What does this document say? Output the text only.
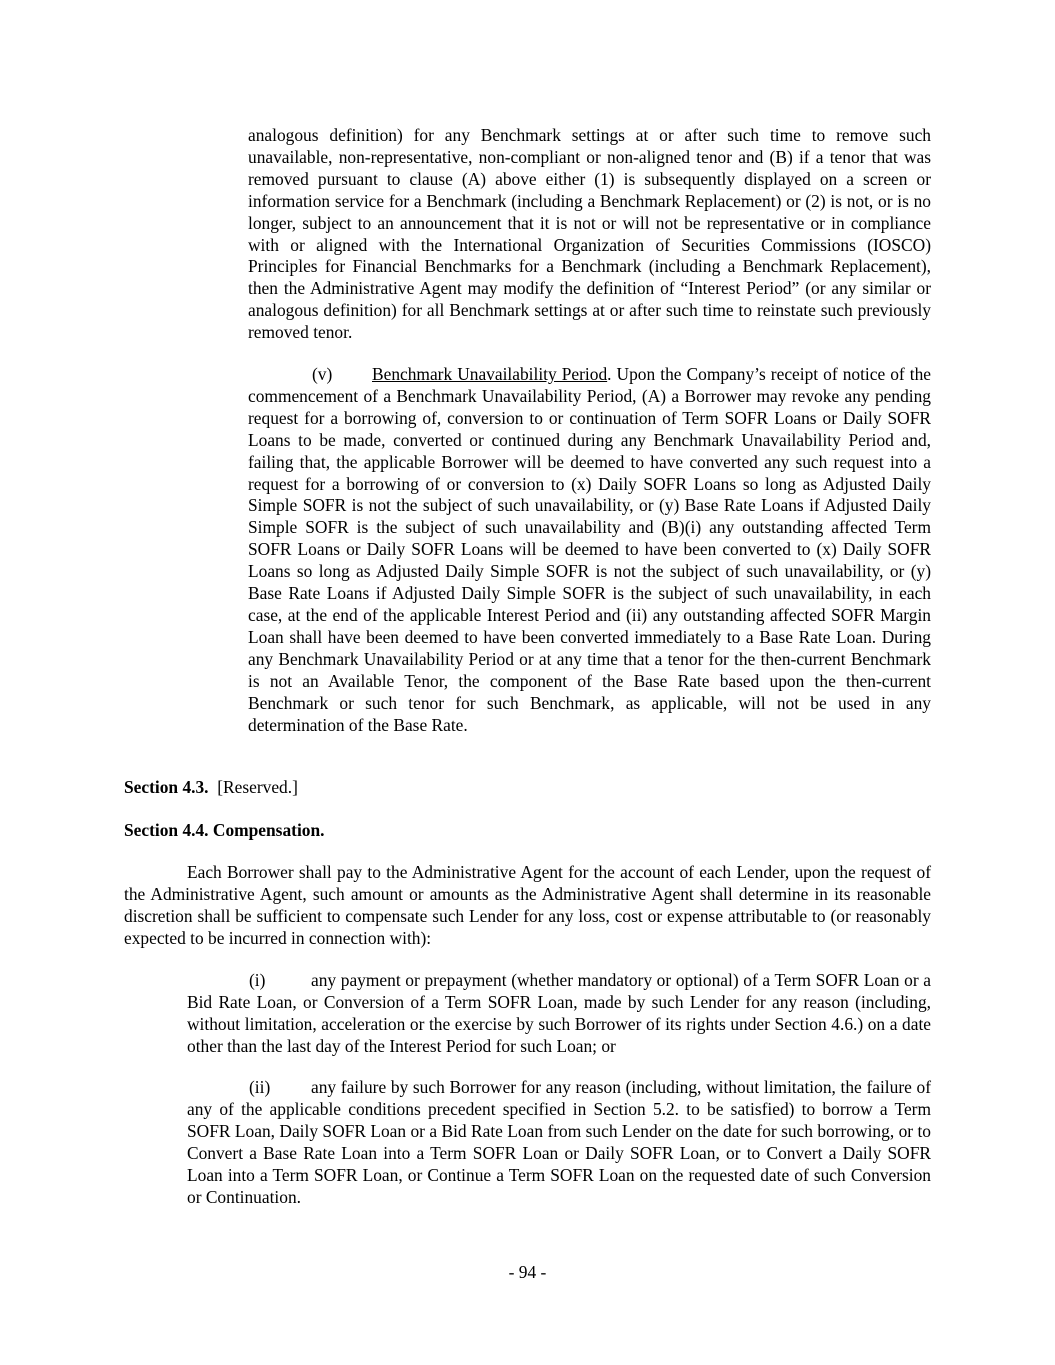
analogous definition) for any Benchmark settings at or after such time to remove such unavailable, non-representative, non-compliant or non-aligned tenor and (B) if a tenor that was removed pursuant to clause (A) above either (1) is subsequently displayed on a screen or information service for a Benchmark (including a Benchmark Replacement) or (2) is not, or is no longer, subject to an announcement that it is not or will not be representative or in compliance with or aligned with the International Organization of Securities Commissions (IOSCO) Principles for Financial Benchmarks for a Benchmark (including a Benchmark Replacement), then the Administrative Agent may modify the definition of “Interest Period” (or any similar or analogous definition) for all Benchmark settings at or after such time to reinstate such previously removed tenor.

(v) Benchmark Unavailability Period. Upon the Company’s receipt of notice of the commencement of a Benchmark Unavailability Period, (A) a Borrower may revoke any pending request for a borrowing of, conversion to or continuation of Term SOFR Loans or Daily SOFR Loans to be made, converted or continued during any Benchmark Unavailability Period and, failing that, the applicable Borrower will be deemed to have converted any such request into a request for a borrowing of or conversion to (x) Daily SOFR Loans so long as Adjusted Daily Simple SOFR is not the subject of such unavailability, or (y) Base Rate Loans if Adjusted Daily Simple SOFR is the subject of such unavailability and (B)(i) any outstanding affected Term SOFR Loans or Daily SOFR Loans will be deemed to have been converted to (x) Daily SOFR Loans so long as Adjusted Daily Simple SOFR is not the subject of such unavailability, or (y) Base Rate Loans if Adjusted Daily Simple SOFR is the subject of such unavailability, in each case, at the end of the applicable Interest Period and (ii) any outstanding affected SOFR Margin Loan shall have been deemed to have been converted immediately to a Base Rate Loan. During any Benchmark Unavailability Period or at any time that a tenor for the then-current Benchmark is not an Available Tenor, the component of the Base Rate based upon the then-current Benchmark or such tenor for such Benchmark, as applicable, will not be used in any determination of the Base Rate.

Section 4.3. [Reserved.]

Section 4.4. Compensation.

Each Borrower shall pay to the Administrative Agent for the account of each Lender, upon the request of the Administrative Agent, such amount or amounts as the Administrative Agent shall determine in its reasonable discretion shall be sufficient to compensate such Lender for any loss, cost or expense attributable to (or reasonably expected to be incurred in connection with):

(i)	any payment or prepayment (whether mandatory or optional) of a Term SOFR Loan or a Bid Rate Loan, or Conversion of a Term SOFR Loan, made by such Lender for any reason (including, without limitation, acceleration or the exercise by such Borrower of its rights under Section 4.6.) on a date other than the last day of the Interest Period for such Loan; or

(ii) any failure by such Borrower for any reason (including, without limitation, the failure of any of the applicable conditions precedent specified in Section 5.2. to be satisfied) to borrow a Term SOFR Loan, Daily SOFR Loan or a Bid Rate Loan from such Lender on the date for such borrowing, or to Convert a Base Rate Loan into a Term SOFR Loan or Daily SOFR Loan, or to Convert a Daily SOFR Loan into a Term SOFR Loan, or Continue a Term SOFR Loan on the requested date of such Conversion or Continuation.

- 94 -
